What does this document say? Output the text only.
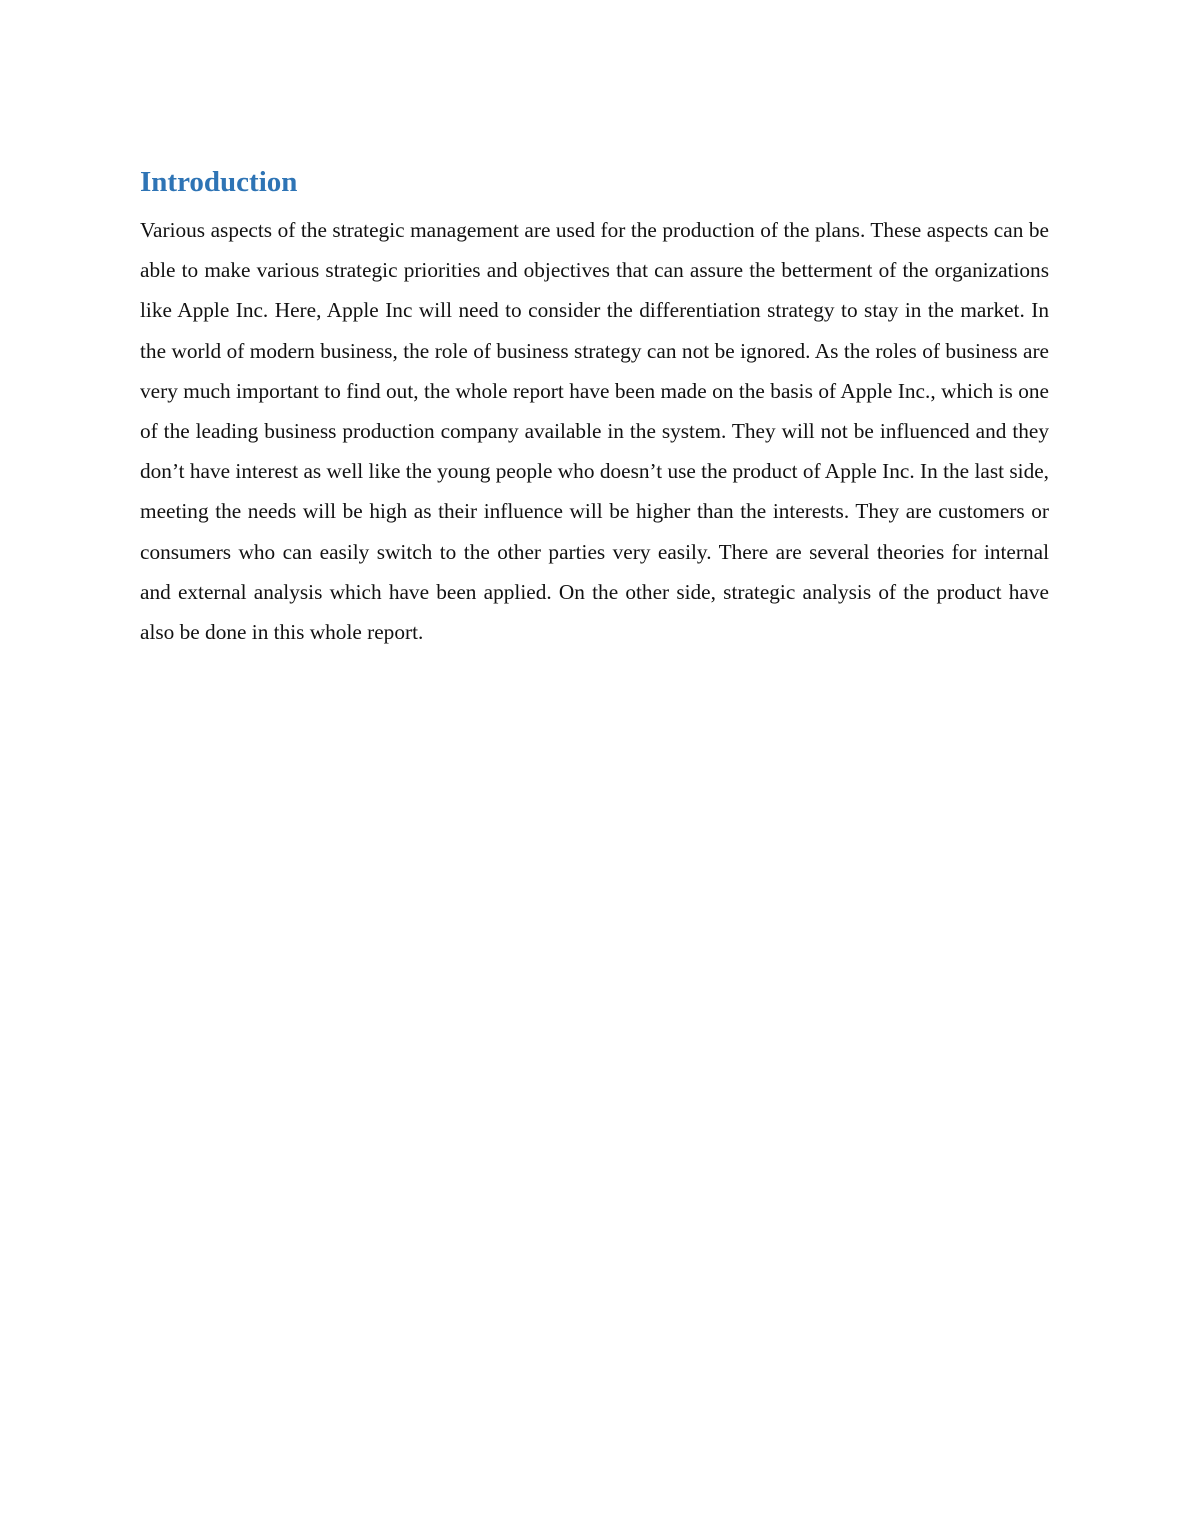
Introduction

Various aspects of the strategic management are used for the production of the plans. These aspects can be able to make various strategic priorities and objectives that can assure the betterment of the organizations like Apple Inc. Here, Apple Inc will need to consider the differentiation strategy to stay in the market. In the world of modern business, the role of business strategy can not be ignored. As the roles of business are very much important to find out, the whole report have been made on the basis of Apple Inc., which is one of the leading business production company available in the system. They will not be influenced and they don’t have interest as well like the young people who doesn’t use the product of Apple Inc. In the last side, meeting the needs will be high as their influence will be higher than the interests. They are customers or consumers who can easily switch to the other parties very easily. There are several theories for internal and external analysis which have been applied. On the other side, strategic analysis of the product have also be done in this whole report.
